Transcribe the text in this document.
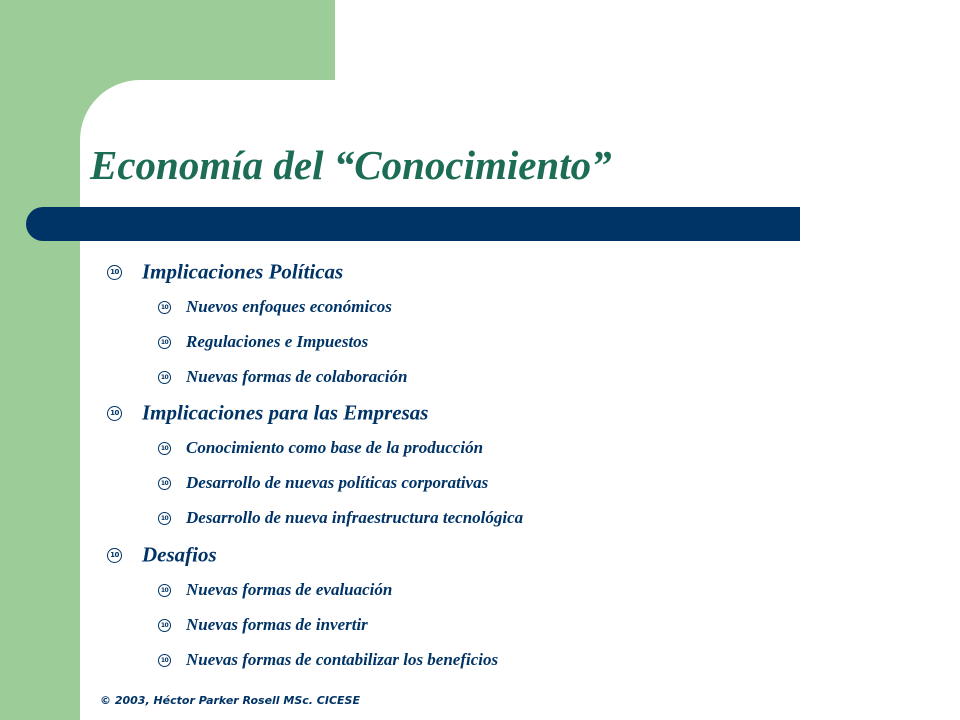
Economía del “Conocimiento”
10 Implicaciones Políticas
10 Nuevos enfoques económicos
10 Regulaciones e Impuestos
10 Nuevas formas de colaboración
10 Implicaciones para las Empresas
10 Conocimiento como base de la producción
10 Desarrollo de nuevas políticas corporativas
10 Desarrollo de nueva infraestructura tecnológica
10 Desafios
10 Nuevas formas de evaluación
10 Nuevas formas de invertir
10 Nuevas formas de contabilizar los beneficios
© 2003, Héctor Parker Rosell MSc. CICESE
